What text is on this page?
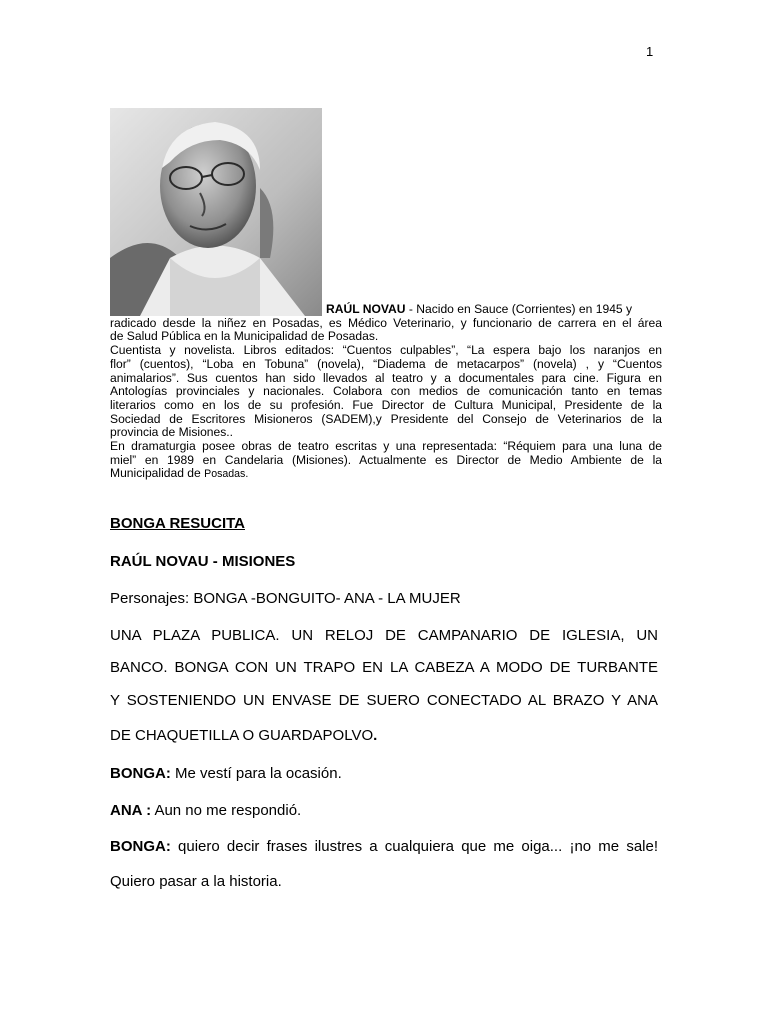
1
RAÚL NOVAU - Nacido en Sauce (Corrientes) en 1945 y
radicado desde la niñez en Posadas, es Médico Veterinario, y funcionario de carrera en el área
de Salud Pública en la Municipalidad de Posadas.
Cuentista y novelista. Libros editados: “Cuentos culpables”, “La espera bajo los naranjos en
flor” (cuentos), “Loba en Tobuna” (novela), “Diadema de metacarpos” (novela) , y “Cuentos
animalarios”. Sus cuentos han sido llevados al teatro y a documentales para cine. Figura en
Antologías provinciales y nacionales. Colabora con medios de comunicación tanto en temas
literarios como en los de su profesión. Fue Director de Cultura Municipal, Presidente de la
Sociedad de Escritores Misioneros (SADEM),y Presidente del Consejo de Veterinarios de la
provincia de Misiones..
En dramaturgia posee obras de teatro escritas y una representada: “Réquiem para una luna de
miel” en 1989 en Candelaria (Misiones). Actualmente es Director de Medio Ambiente de la
Municipalidad de Posadas.
BONGA RESUCITA
RAÚL NOVAU - MISIONES
Personajes: BONGA -BONGUITO- ANA - LA MUJER
UNA PLAZA PUBLICA. UN RELOJ DE CAMPANARIO DE IGLESIA, UN
BANCO. BONGA CON UN TRAPO EN LA CABEZA A MODO DE TURBANTE
Y SOSTENIENDO UN ENVASE DE SUERO CONECTADO AL BRAZO Y ANA
DE CHAQUETILLA O GUARDAPOLVO.
BONGA: Me vestí para la ocasión.
ANA : Aun no me respondió.
BONGA: quiero decir frases ilustres a cualquiera que me oiga... ¡no me sale!
Quiero pasar a la historia.
